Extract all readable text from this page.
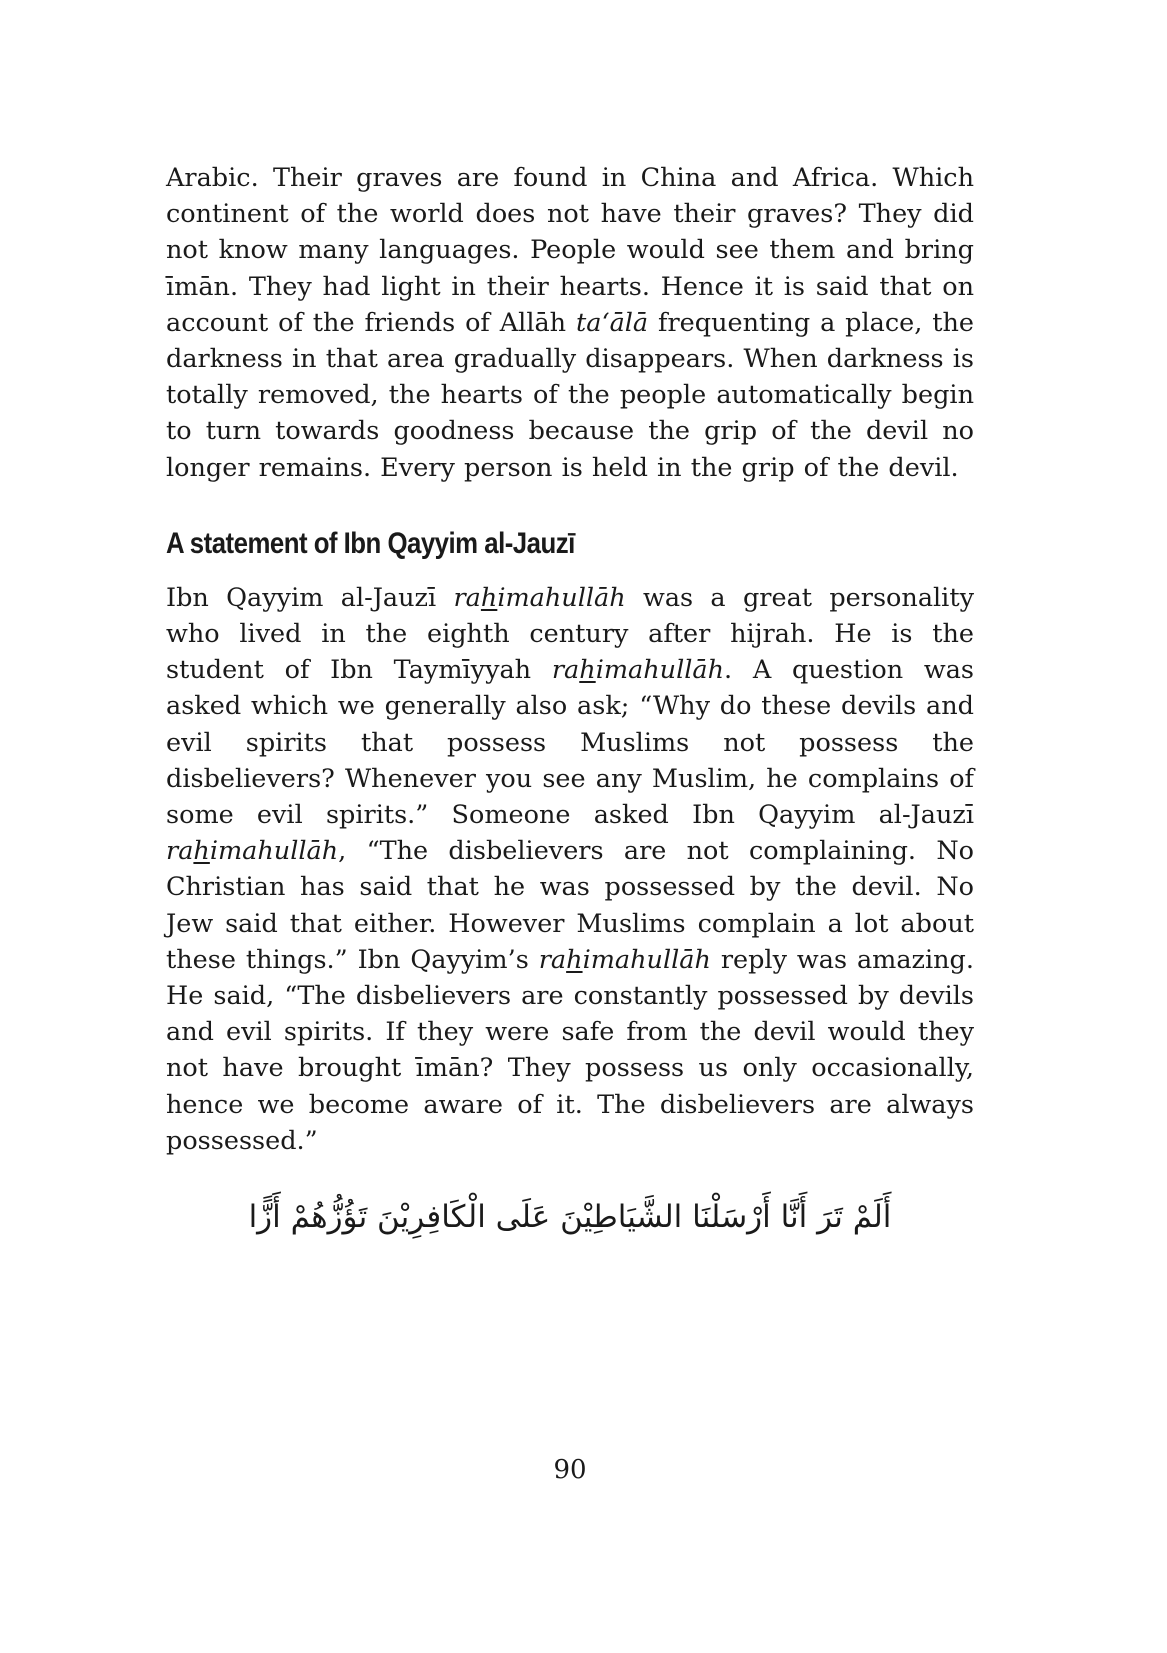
Arabic. Their graves are found in China and Africa. Which continent of the world does not have their graves? They did not know many languages. People would see them and bring īmān. They had light in their hearts. Hence it is said that on account of the friends of Allāh ta‘ālā frequenting a place, the darkness in that area gradually disappears. When darkness is totally removed, the hearts of the people automatically begin to turn towards goodness because the grip of the devil no longer remains. Every person is held in the grip of the devil.

A statement of Ibn Qayyim al-Jauzī

Ibn Qayyim al-Jauzī rahimahullāh was a great personality who lived in the eighth century after hijrah. He is the student of Ibn Taymīyyah rahimahullāh. A question was asked which we generally also ask; “Why do these devils and evil spirits that possess Muslims not possess the disbelievers? Whenever you see any Muslim, he complains of some evil spirits.” Someone asked Ibn Qayyim al-Jauzī rahimahullāh, “The disbelievers are not complaining. No Christian has said that he was possessed by the devil. No Jew said that either. However Muslims complain a lot about these things.” Ibn Qayyim’s rahimahullāh reply was amazing. He said, “The disbelievers are constantly possessed by devils and evil spirits. If they were safe from the devil would they not have brought īmān? They possess us only occasionally, hence we become aware of it. The disbelievers are always possessed.”

أَلَمْ تَرَ أَنَّا أَرْسَلْنَا الشَّيَاطِيْنَ عَلَى الْكَافِرِيْنَ تَؤُزُّهُمْ أَزًّا
90
